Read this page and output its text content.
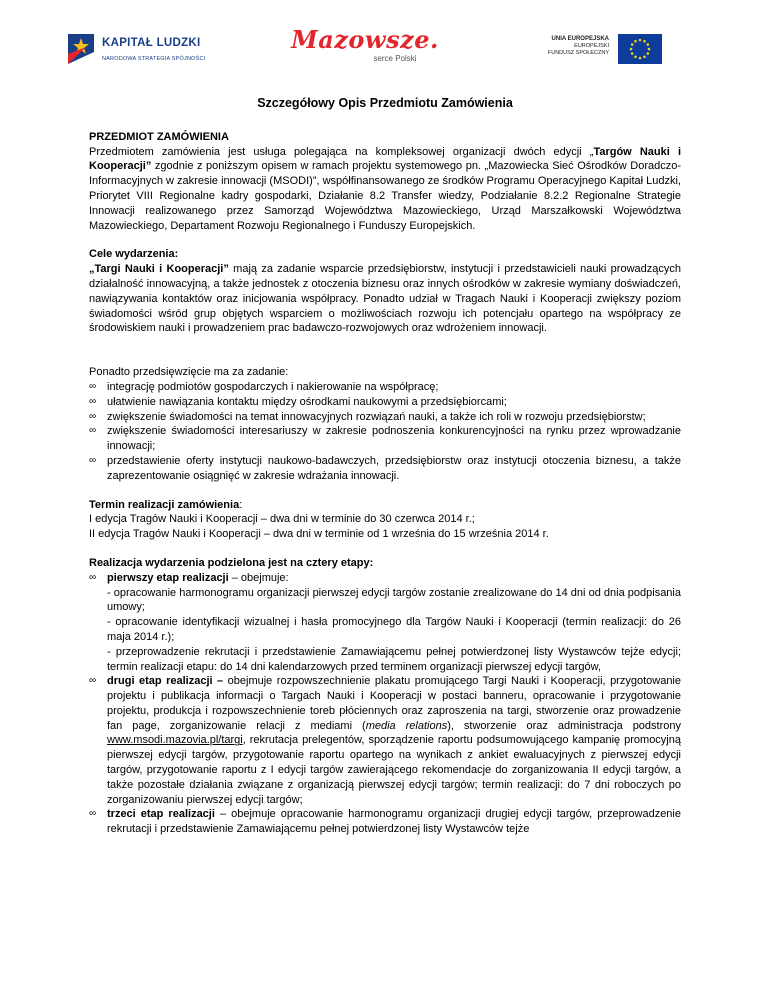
KAPITAŁ LUDZKI
NARODOWA STRATEGIA SPÓJNOŚCI
Mazowsze.
serce Polski
UNIA EUROPEJSKA
EUROPEJSKI
FUNDUSZ SPOŁECZNY
Szczegółowy Opis Przedmiotu Zamówienia
PRZEDMIOT ZAMÓWIENIA
Przedmiotem zamówienia jest usługa polegająca na kompleksowej organizacji dwóch edycji „Targów Nauki i Kooperacji” zgodnie z poniższym opisem w ramach projektu systemowego pn. „Mazowiecka Sieć Ośrodków Doradczo-Informacyjnych w zakresie innowacji (MSODI)”, współfinansowanego ze środków Programu Operacyjnego Kapitał Ludzki, Priorytet VIII Regionalne kadry gospodarki, Działanie 8.2 Transfer wiedzy, Podziałanie 8.2.2 Regionalne Strategie Innowacji realizowanego przez Samorząd Województwa Mazowieckiego, Urząd Marszałkowski Województwa Mazowieckiego, Departament Rozwoju Regionalnego i Funduszy Europejskich.
Cele wydarzenia:
„Targi Nauki i Kooperacji” mają za zadanie wsparcie przedsiębiorstw, instytucji i przedstawicieli nauki prowadzących działalność innowacyjną, a także jednostek z otoczenia biznesu oraz innych ośrodków w zakresie wymiany doświadczeń, nawiązywania kontaktów oraz inicjowania współpracy. Ponadto udział w Tragach Nauki i Kooperacji zwiększy poziom świadomości wśród grup objętych wsparciem o możliwościach rozwoju ich potencjału opartego na współpracy ze środowiskiem nauki i prowadzeniem prac badawczo-rozwojowych oraz wdrożeniem innowacji.
Ponadto przedsięwzięcie ma za zadanie:
∞ integrację podmiotów gospodarczych i nakierowanie na współpracę;
∞ ułatwienie nawiązania kontaktu między ośrodkami naukowymi a przedsiębiorcami;
∞ zwiększenie świadomości na temat innowacyjnych rozwiązań nauki, a także ich roli w rozwoju przedsiębiorstw;
∞ zwiększenie świadomości interesariuszy w zakresie podnoszenia konkurencyjności na rynku przez wprowadzanie innowacji;
∞ przedstawienie oferty instytucji naukowo-badawczych, przedsiębiorstw oraz instytucji otoczenia biznesu, a także zaprezentowanie osiągnięć w zakresie wdrażania innowacji.
Termin realizacji zamówienia:
I edycja Tragów Nauki i Kooperacji – dwa dni w terminie do 30 czerwca 2014 r.;
II edycja Tragów Nauki i Kooperacji – dwa dni w terminie od 1 września do 15 września 2014 r.
Realizacja wydarzenia podzielona jest na cztery etapy:
∞ pierwszy etap realizacji – obejmuje:
- opracowanie harmonogramu organizacji pierwszej edycji targów zostanie zrealizowane do 14 dni od dnia podpisania umowy;
- opracowanie identyfikacji wizualnej i hasła promocyjnego dla Targów Nauki i Kooperacji (termin realizacji: do 26 maja 2014 r.);
- przeprowadzenie rekrutacji i przedstawienie Zamawiającemu pełnej potwierdzonej listy Wystawców tejże edycji; termin realizacji etapu: do 14 dni kalendarzowych przed terminem organizacji pierwszej edycji targów,
∞ drugi etap realizacji – obejmuje rozpowszechnienie plakatu promującego Targi Nauki i Kooperacji, przygotowanie projektu i publikacja informacji o Targach Nauki i Kooperacji w postaci banneru, opracowanie i przygotowanie projektu, produkcja i rozpowszechnienie toreb płóciennych oraz zaproszenia na targi, stworzenie oraz prowadzenie fan page, zorganizowanie relacji z mediami (media relations), stworzenie oraz administracja podstrony www.msodi.mazovia.pl/targi, rekrutacja prelegentów, sporządzenie raportu podsumowującego kampanię promocyjną pierwszej edycji targów, przygotowanie raportu opartego na wynikach z ankiet ewaluacyjnych z pierwszej edycji targów, przygotowanie raportu z I edycji targów zawierającego rekomendacje do zorganizowania II edycji targów, a także pozostałe działania związane z organizacją pierwszej edycji targów; termin realizacji: do 7 dni roboczych po zorganizowaniu pierwszej edycji targów;
∞ trzeci etap realizacji – obejmuje opracowanie harmonogramu organizacji drugiej edycji targów, przeprowadzenie rekrutacji i przedstawienie Zamawiającemu pełnej potwierdzonej listy Wystawców tejże
